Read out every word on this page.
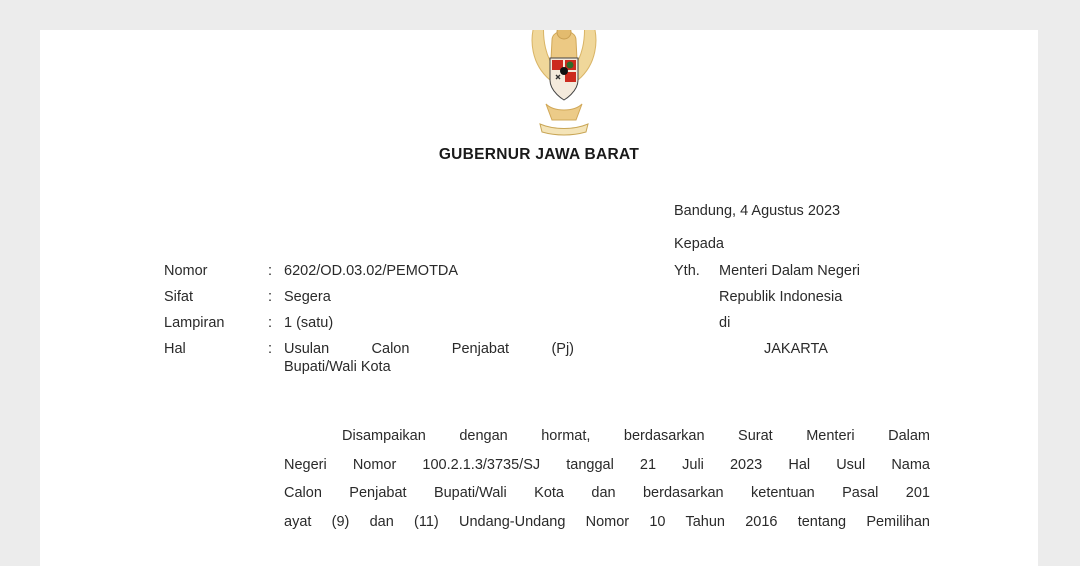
GUBERNUR JAWA BARAT
Bandung, 4 Agustus 2023
Nomor	: 6202/OD.03.02/PEMOTDA
Sifat	: Segera
Lampiran	: 1 (satu)
Hal	: Usulan Calon Penjabat (Pj)
Bupati/Wali Kota
Kepada
Yth. Menteri Dalam Negeri
Republik Indonesia
di
JAKARTA

Disampaikan dengan hormat, berdasarkan Surat Menteri Dalam

Negeri Nomor 100.2.1.3/3735/SJ tanggal 21 Juli 2023 Hal Usul Nama

Calon Penjabat Bupati/Wali Kota dan berdasarkan ketentuan Pasal 201

ayat (9) dan (11) Undang-Undang Nomor 10 Tahun 2016 tentang Pemilihan
